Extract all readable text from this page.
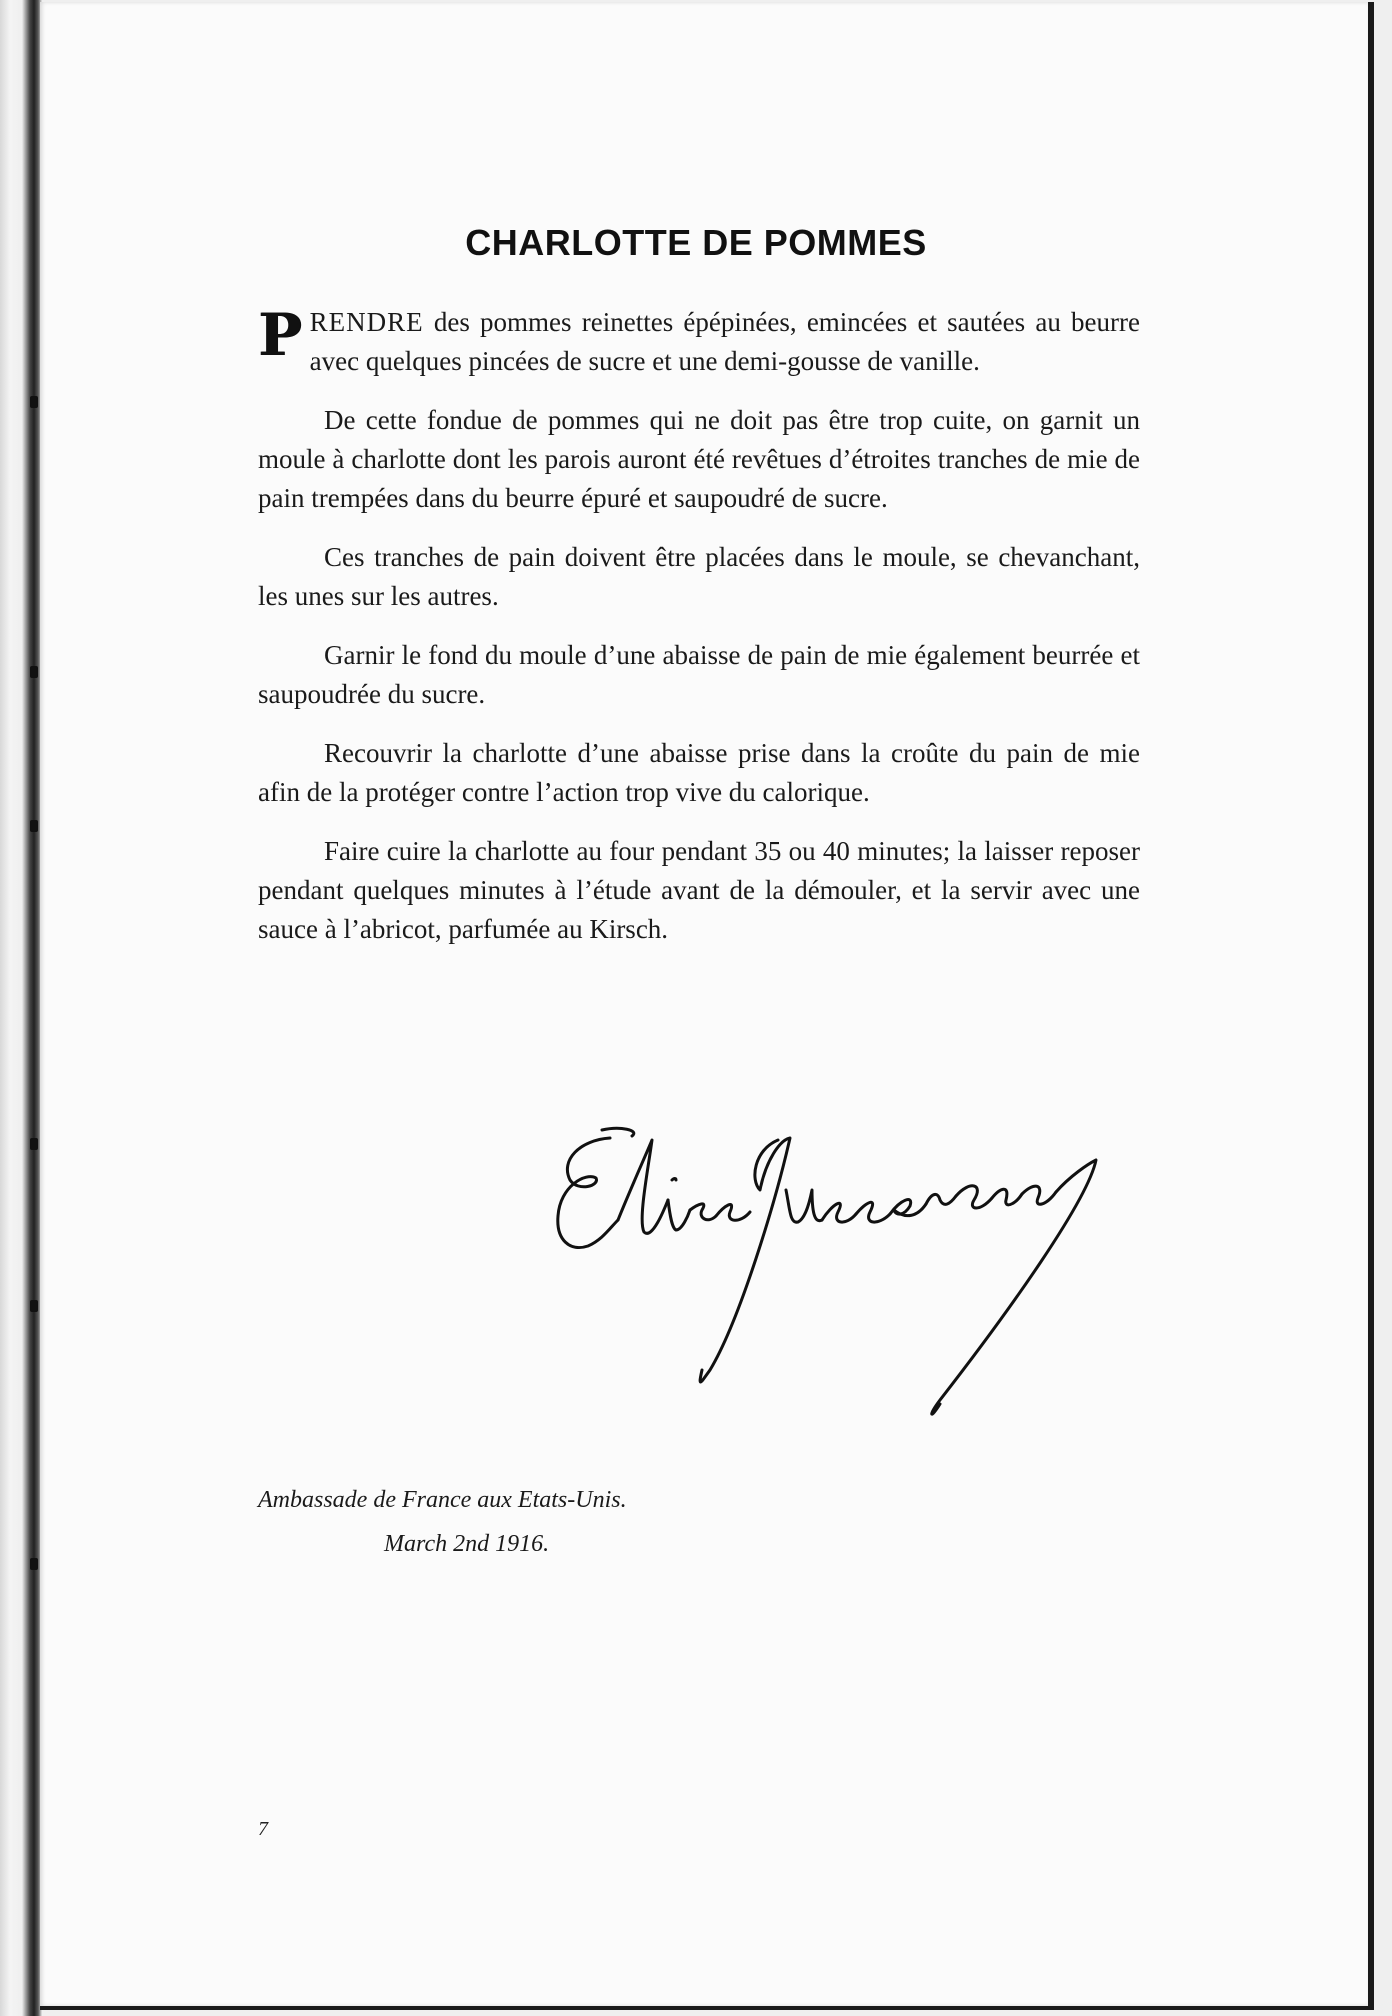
CHARLOTTE DE POMMES

PRENDRE des pommes reinettes épépinées, emincées et sautées au beurre avec quelques pincées de sucre et une demi-gousse de vanille.

De cette fondue de pommes qui ne doit pas être trop cuite, on garnit un moule à charlotte dont les parois auront été revêtues d’étroites tranches de mie de pain trempées dans du beurre épuré et saupoudré de sucre.

Ces tranches de pain doivent être placées dans le moule, se chevanchant, les unes sur les autres.

Garnir le fond du moule d’une abaisse de pain de mie également beurrée et saupoudrée du sucre.

Recouvrir la charlotte d’une abaisse prise dans la croûte du pain de mie afin de la protéger contre l’action trop vive du calorique.

Faire cuire la charlotte au four pendant 35 ou 40 minutes; la laisser reposer pendant quelques minutes à l’étude avant de la démouler, et la servir avec une sauce à l’abricot, parfumée au Kirsch.

Ambassade de France aux Etats-Unis.
March 2nd 1916.
7
